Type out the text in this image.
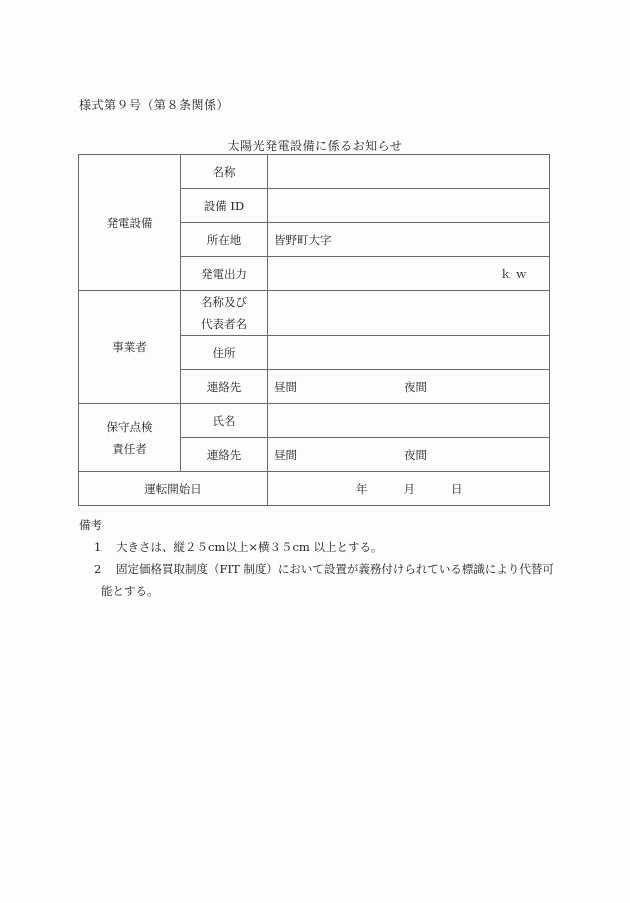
様式第９号（第８条関係）
太陽光発電設備に係るお知らせ
発電設備	名称	
	設備 ID	
	所在地	皆野町大字
	発電出力	ｋｗ
事業者	名称及び
代表者名	

	住所	
	連絡先	昼間 夜間

保守点検
責任者	氏名	
	連絡先	昼間 夜間

運転開始日		年 月 日
備考
1	大きさは、縦２５cm以上×横３５cm 以上とする。
2	固定価格買取制度（FIT 制度）において設置が義務付けられている標識により代替可
能とする。
